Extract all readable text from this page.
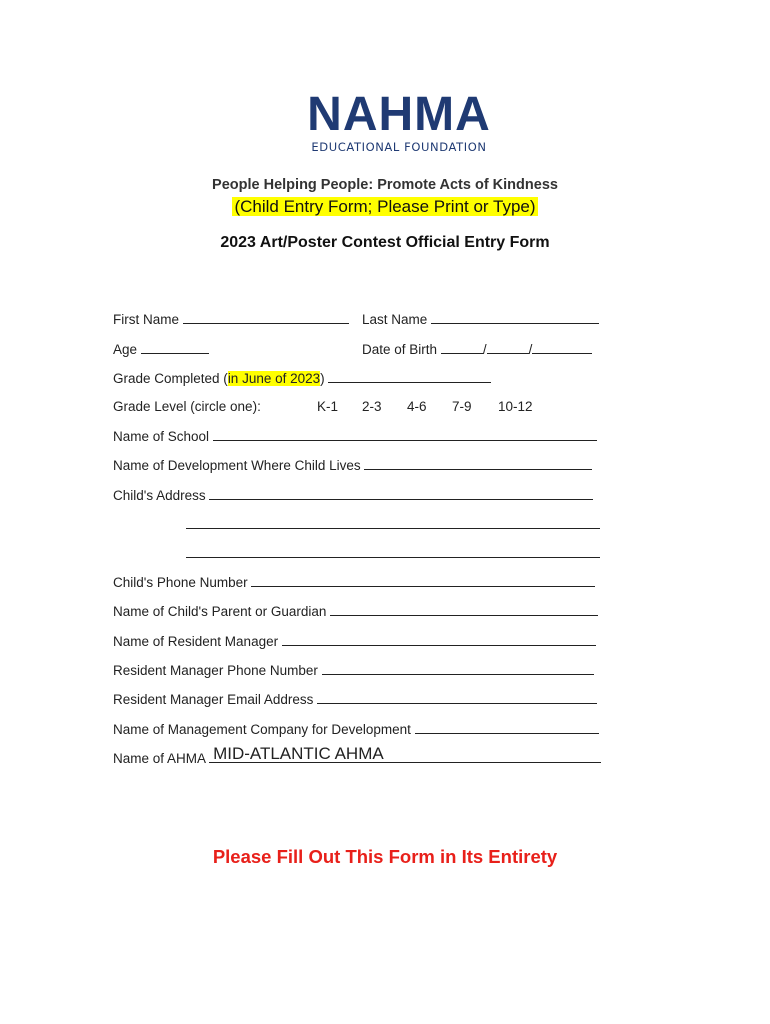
NAHMA
EDUCATIONAL FOUNDATION
People Helping People: Promote Acts of Kindness
(Child Entry Form; Please Print or Type)
2023 Art/Poster Contest Official Entry Form
First Name	Last Name
Age	Date of Birth	/	/
Grade Completed (in June of 2023)
Grade Level (circle one):	K-1 2-3 4-6 7-9 10-12
Name of School
Name of Development Where Child Lives
Child's Address
Child's Phone Number
Name of Child's Parent or Guardian
Name of Resident Manager
Resident Manager Phone Number
Resident Manager Email Address
Name of Management Company for Development
Name of AHMA MID-ATLANTIC AHMA
Please Fill Out This Form in Its Entirety
